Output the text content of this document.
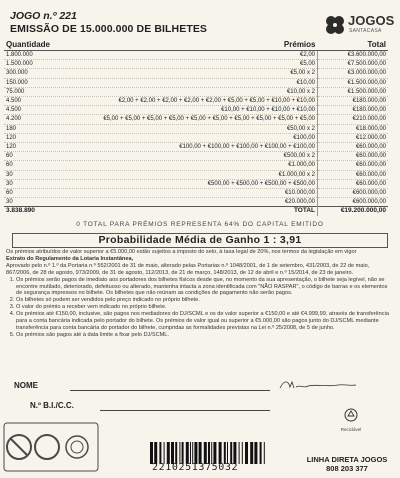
JOGO n.º 221
EMISSÃO DE 15.000.000 DE BILHETES
JOGOS
SANTACASA
Quantidade	Prémios	Total
1.800.000	€2,00	€3.600.000,00
1.500.000	€5,00	€7.500.000,00
300.000	€5,00 x 2	€3.000.000,00
150.000	€10,00	€1.500.000,00
75.000	€10,00 x 2	€1.500.000,00
4.500	€2,00 + €2,00 + €2,00 + €2,00 + €2,00 + €5,00 + €5,00 + €10,00 + €10,00	€180.000,00
4.500	€10,00 + €10,00 + €10,00 + €10,00	€180.000,00
4.200	€5,00 + €5,00 + €5,00 + €5,00 + €5,00 + €5,00 + €5,00 + €5,00 + €5,00 + €5,00	€210.000,00
180	€50,00 x 2	€18.000,00
120	€100,00	€12.000,00
120	€100,00 + €100,00 + €100,00 + €100,00 + €100,00	€60.000,00
60	€500,00 x 2	€60.000,00
60	€1.000,00	€60.000,00
30	€1.000,00 x 2	€60.000,00
30	€500,00 + €500,00 + €500,00 + €500,00	€60.000,00
60	€10.000,00	€600.000,00
30	€20.000,00	€600.000,00
3.838.890	TOTAL	€19.200.000,00
0 TOTAL PARA PRÉMIOS REPRESENTA 64% DO CAPITAL EMITIDO
Probabilidade Média de Ganho 1 : 3,91

Os prémios atribuídos de valor superior a €5.000,00 estão sujeitos a imposto do selo, à taxa legal de 20%, nos termos da legislação em vigor

Extrato do Regulamento da Lotaria Instantânea,

Aprovado pelo n.º 1.º da Portaria n.º 552/2001 de 31 de maio, alterado pelas Portarias n.º 1048/2001, de 1 de setembro, 431/2003, de 22 de maio, 867/2006, de 28 de agosto, 973/2009, de 31 de agosto, 112/2013, de 21 de março, 148/2013, de 12 de abril e n.º 15/2014, de 23 de janeiro.

1. Os prémios serão pagos de imediato aos portadores dos bilhetes físicos desde que, no momento da sua apresentação, o bilhete seja legível, não se encontre mutilado, deteriorado, defeituoso ou alterado, mantenha intacta a zona identificada com "NÃO RASPAR", o código de barras e os elementos de segurança impressos no bilhete. Os bilhetes que não reúnam as condições de pagamento não serão pagos.
2. Os bilhetes só podem ser vendidos pelo preço indicado no próprio bilhete.
3. O valor do prémio a receber vem indicado no próprio bilhete.
4. Os prémios até €150,00, inclusive, são pagos nos mediadores do DJ/SCML e os de valor superior a €150,00 e até €4.999,99, através de transferência para a conta bancária indicada pelo portador do bilhete. Os prémios de valor igual ou superior a €5.000,00 são pagos junto do DJ/SCML mediante transferência para conta bancária do portador do bilhete, cumpridas as formalidades previstas na Lei n.º 25/2008, de 5 de junho.
5. Os prémios são pagos até à data limite a fixar pelo DJ/SCML.
NOME
N.º B.I./C.C.
Reciclável
2210251375032
LINHA DIRETA JOGOS
808 203 377
